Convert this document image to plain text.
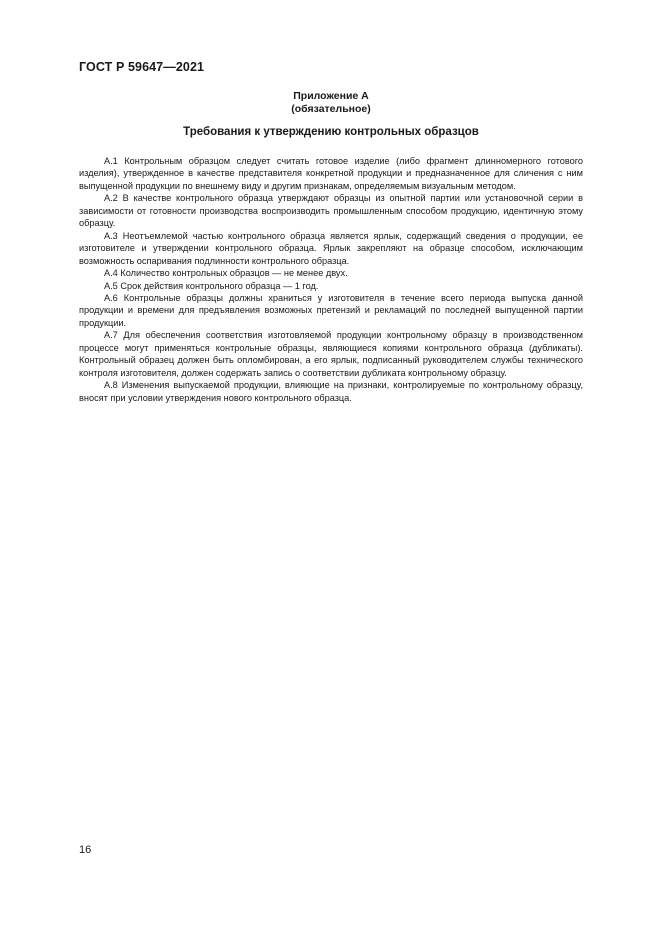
ГОСТ Р 59647—2021
Приложение А
(обязательное)
Требования к утверждению контрольных образцов

А.1 Контрольным образцом следует считать готовое изделие (либо фрагмент длинномерного готового изделия), утвержденное в качестве представителя конкретной продукции и предназначенное для сличения с ним выпущенной продукции по внешнему виду и другим признакам, определяемым визуальным методом.

А.2 В качестве контрольного образца утверждают образцы из опытной партии или установочной серии в зависимости от готовности производства воспроизводить промышленным способом продукцию, идентичную этому образцу.

А.3 Неотъемлемой частью контрольного образца является ярлык, содержащий сведения о продукции, ее изготовителе и утверждении контрольного образца. Ярлык закрепляют на образце способом, исключающим возможность оспаривания подлинности контрольного образца.

А.4 Количество контрольных образцов — не менее двух.

А.5 Срок действия контрольного образца — 1 год.

А.6 Контрольные образцы должны храниться у изготовителя в течение всего периода выпуска данной продукции и времени для предъявления возможных претензий и рекламаций по последней выпущенной партии продукции.

А.7 Для обеспечения соответствия изготовляемой продукции контрольному образцу в производственном процессе могут применяться контрольные образцы, являющиеся копиями контрольного образца (дубликаты). Контрольный образец должен быть опломбирован, а его ярлык, подписанный руководителем службы технического контроля изготовителя, должен содержать запись о соответствии дубликата контрольному образцу.

А.8 Изменения выпускаемой продукции, влияющие на признаки, контролируемые по контрольному образцу, вносят при условии утверждения нового контрольного образца.

16
